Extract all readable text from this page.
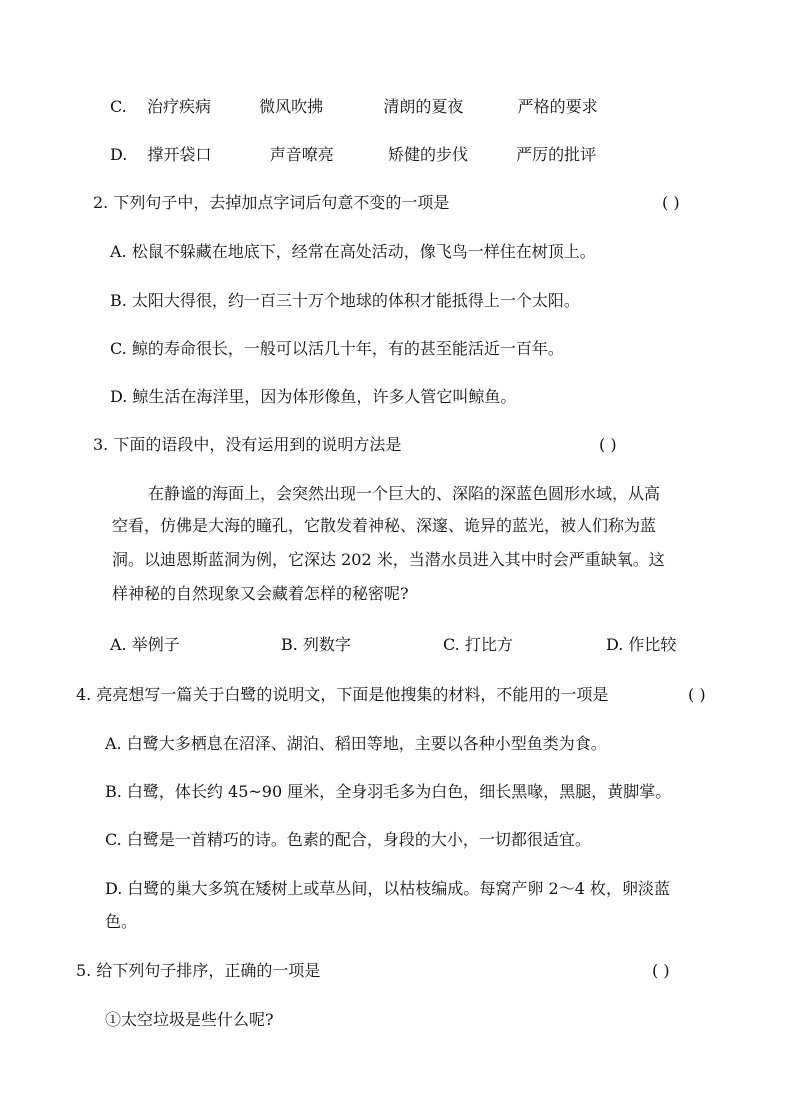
C. 治疗疾病	微风吹拂	清朗的夏夜	严格的要求
D. 撑开袋口	声音嘹亮	矫健的步伐	严厉的批评
2. 下列句子中，去掉加点字词后句意不变的一项是	( )
A. 松鼠不躲藏在地底下，经常在高处活动，像飞鸟一样住在树顶上。
B. 太阳大得很，约一百三十万个地球的体积才能抵得上一个太阳。
C. 鲸的寿命很长，一般可以活几十年，有的甚至能活近一百年。
D. 鲸生活在海洋里，因为体形像鱼，许多人管它叫鲸鱼。
3. 下面的语段中，没有运用到的说明方法是	( )
在静谧的海面上，会突然出现一个巨大的、深陷的深蓝色圆形水域，从高
空看，仿佛是大海的瞳孔，它散发着神秘、深邃、诡异的蓝光，被人们称为蓝
洞。以迪恩斯蓝洞为例，它深达 202 米，当潜水员进入其中时会严重缺氧。这
样神秘的自然现象又会藏着怎样的秘密呢?
A. 举例子	B. 列数字	C. 打比方	D. 作比较
4. 亮亮想写一篇关于白鹭的说明文，下面是他搜集的材料，不能用的一项是	( )
A. 白鹭大多栖息在沼泽、湖泊、稻田等地，主要以各种小型鱼类为食。
B. 白鹭，体长约 45~90 厘米，全身羽毛多为白色，细长黑喙，黑腿，黄脚掌。
C. 白鹭是一首精巧的诗。色素的配合，身段的大小，一切都很适宜。
D. 白鹭的巢大多筑在矮树上或草丛间，以枯枝编成。每窝产卵 2～4 枚，卵淡蓝
色。
5. 给下列句子排序，正确的一项是	( )
①太空垃圾是些什么呢?
